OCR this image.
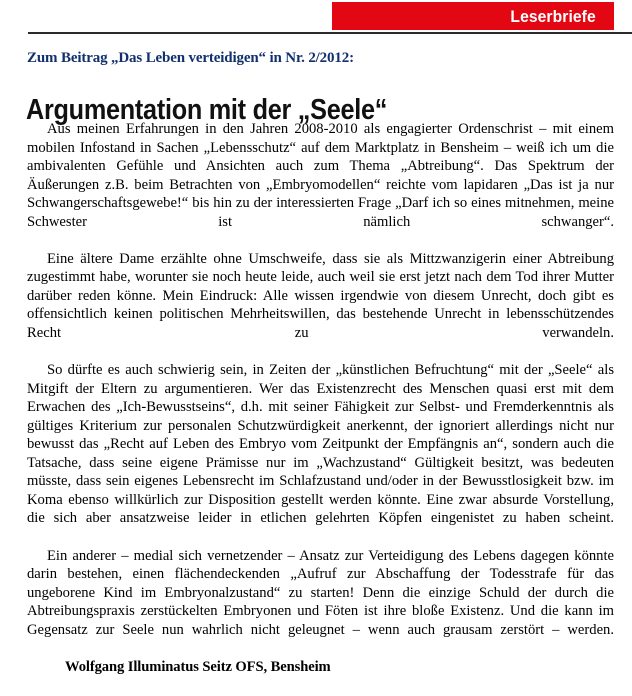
Leserbriefe
Zum Beitrag „Das Leben verteidigen“ in Nr. 2/2012:
Argumentation mit der „Seele“

Aus meinen Erfahrungen in den Jahren 2008-2010 als engagierter Ordenschrist – mit einem mobilen Infostand in Sachen „Lebensschutz“ auf dem Marktplatz in Bensheim – weiß ich um die ambivalenten Gefühle und Ansichten auch zum Thema „Abtreibung“. Das Spektrum der Äußerungen z.B. beim Betrachten von „Embryomodellen“ reichte vom lapidaren „Das ist ja nur Schwangerschaftsgewebe!“ bis hin zu der interessierten Frage „Darf ich so eines mitnehmen, meine Schwester ist nämlich schwanger“.

Eine ältere Dame erzählte ohne Umschweife, dass sie als Mittzwanzigerin einer Abtreibung zugestimmt habe, worunter sie noch heute leide, auch weil sie erst jetzt nach dem Tod ihrer Mutter darüber reden könne. Mein Eindruck: Alle wissen irgendwie von diesem Unrecht, doch gibt es offensichtlich keinen politischen Mehrheitswillen, das bestehende Unrecht in lebensschützendes Recht zu verwandeln.

So dürfte es auch schwierig sein, in Zeiten der „künstlichen Befruchtung“ mit der „Seele“ als Mitgift der Eltern zu argumentieren. Wer das Existenzrecht des Menschen quasi erst mit dem Erwachen des „Ich-Bewusstseins“, d.h. mit seiner Fähigkeit zur Selbst- und Fremderkenntnis als gültiges Kriterium zur personalen Schutzwürdigkeit anerkennt, der ignoriert allerdings nicht nur bewusst das „Recht auf Leben des Embryo vom Zeitpunkt der Empfängnis an“, sondern auch die Tatsache, dass seine eigene Prämisse nur im „Wachzustand“ Gültigkeit besitzt, was bedeuten müsste, dass sein eigenes Lebensrecht im Schlafzustand und/oder in der Bewusstlosigkeit bzw. im Koma ebenso willkürlich zur Disposition gestellt werden könnte. Eine zwar absurde Vorstellung, die sich aber ansatzweise leider in etlichen gelehrten Köpfen eingenistet zu haben scheint.

Ein anderer – medial sich vernetzender – Ansatz zur Verteidigung des Lebens dagegen könnte darin bestehen, einen flächendeckenden „Aufruf zur Abschaffung der Todesstrafe für das ungeborene Kind im Embryonalzustand“ zu starten! Denn die einzige Schuld der durch die Abtreibungspraxis zerstückelten Embryonen und Föten ist ihre bloße Existenz. Und die kann im Gegensatz zur Seele nun wahrlich nicht geleugnet – wenn auch grausam zerstört – werden.

Wolfgang Illuminatus Seitz OFS, Bensheim
